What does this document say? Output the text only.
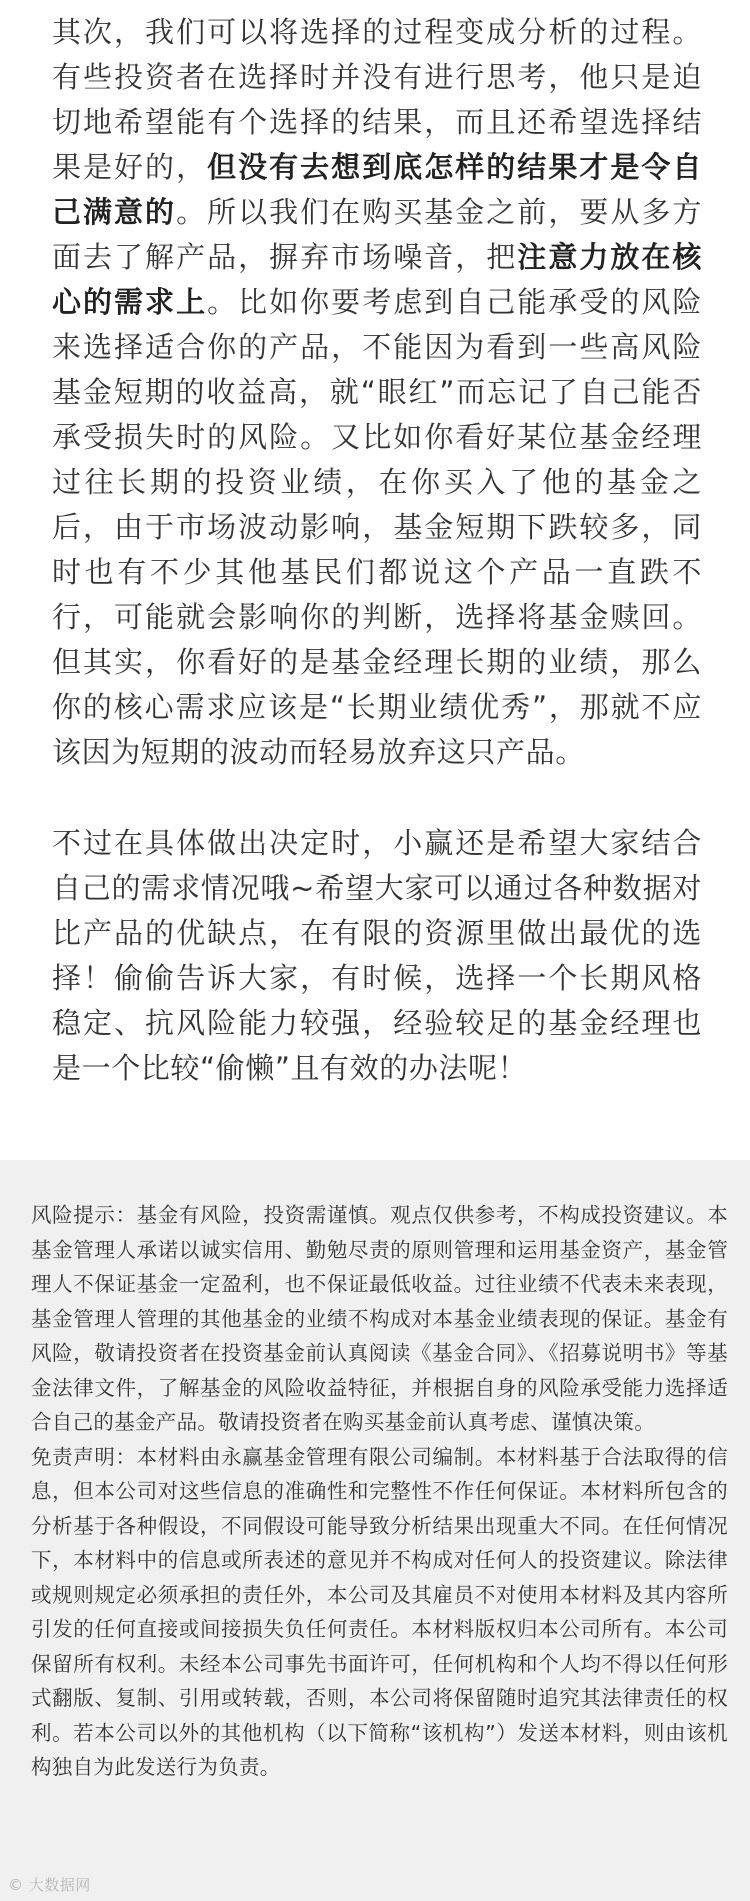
其次，我们可以将选择的过程变成分析的过程。有些投资者在选择时并没有进行思考，他只是迫切地希望能有个选择的结果，而且还希望选择结果是好的，但没有去想到底怎样的结果才是令自己满意的。所以我们在购买基金之前，要从多方面去了解产品，摒弃市场噪音，把注意力放在核心的需求上。比如你要考虑到自己能承受的风险来选择适合你的产品，不能因为看到一些高风险基金短期的收益高，就“眼红”而忘记了自己能否承受损失时的风险。又比如你看好某位基金经理过往长期的投资业绩，在你买入了他的基金之后，由于市场波动影响，基金短期下跌较多，同时也有不少其他基民们都说这个产品一直跌不行，可能就会影响你的判断，选择将基金赎回。但其实，你看好的是基金经理长期的业绩，那么你的核心需求应该是“长期业绩优秀”，那就不应该因为短期的波动而轻易放弃这只产品。

不过在具体做出决定时，小赢还是希望大家结合自己的需求情况哦~希望大家可以通过各种数据对比产品的优缺点，在有限的资源里做出最优的选择！偷偷告诉大家，有时候，选择一个长期风格稳定、抗风险能力较强，经验较足的基金经理也是一个比较“偷懒”且有效的办法呢！

风险提示：基金有风险，投资需谨慎。观点仅供参考，不构成投资建议。本基金管理人承诺以诚实信用、勤勉尽责的原则管理和运用基金资产，基金管理人不保证基金一定盈利，也不保证最低收益。过往业绩不代表未来表现，基金管理人管理的其他基金的业绩不构成对本基金业绩表现的保证。基金有风险，敬请投资者在投资基金前认真阅读《基金合同》、《招募说明书》等基金法律文件，了解基金的风险收益特征，并根据自身的风险承受能力选择适合自己的基金产品。敬请投资者在购买基金前认真考虑、谨慎决策。

免责声明：本材料由永赢基金管理有限公司编制。本材料基于合法取得的信息，但本公司对这些信息的准确性和完整性不作任何保证。本材料所包含的分析基于各种假设，不同假设可能导致分析结果出现重大不同。在任何情况下，本材料中的信息或所表述的意见并不构成对任何人的投资建议。除法律或规则规定必须承担的责任外，本公司及其雇员不对使用本材料及其内容所引发的任何直接或间接损失负任何责任。本材料版权归本公司所有。本公司保留所有权利。未经本公司事先书面许可，任何机构和个人均不得以任何形式翻版、复制、引用或转载，否则，本公司将保留随时追究其法律责任的权利。若本公司以外的其他机构（以下简称“该机构”）发送本材料，则由该机构独自为此发送行为负责。

© 大数据网
